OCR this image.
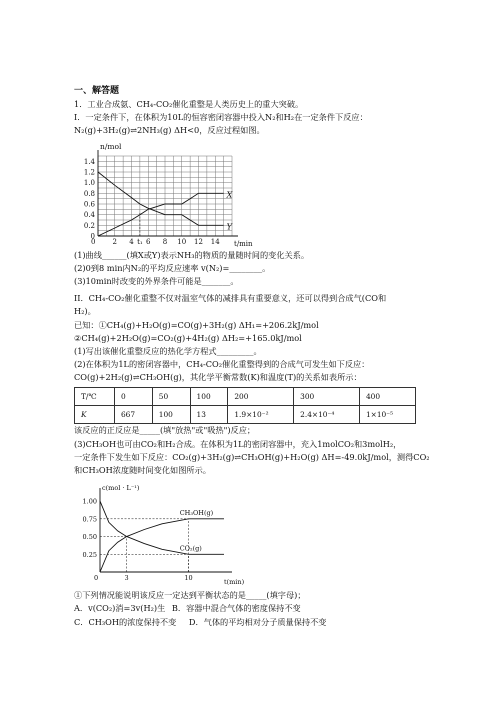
一、解答题
1．工业合成氨、CH₄-CO₂催化重整是人类历史上的重大突破。
I．一定条件下，在体积为10L的恒容密闭容器中投入N₂和H₂在一定条件下反应：
N₂(g)+3H₂(g)⇌2NH₃(g) ΔH<0，反应过程如图。
n/mol
t/min
0
0.2
0.4
0.6
0.8
1.0
1.2
1.4
2 4 t₁ 6 8 10 12 14
0
X
Y
(1)曲线______(填X或Y)表示NH₃的物质的量随时间的变化关系。
(2)0到8 min内N₂的平均反应速率 v(N₂)=________。
(3)10min时改变的外界条件可能是_______。
II．CH₄-CO₂催化重整不仅对温室气体的减排具有重要意义，还可以得到合成气(CO和
H₂)。
已知：①CH₄(g)+H₂O(g)=CO(g)+3H₂(g) ΔH₁=+206.2kJ/mol
②CH₄(g)+2H₂O(g)=CO₂(g)+4H₂(g) ΔH₂=+165.0kJ/mol
(1)写出该催化重整反应的热化学方程式_________。
(2)在体积为1L的密闭容器中，CH₄-CO₂催化重整得到的合成气可发生如下反应：
CO(g)+2H₂(g)⇌CH₃OH(g)，其化学平衡常数(K)和温度(T)的关系如表所示：
T/℃	0	50	100	200	300	400
K	667	100	13	1.9×10⁻²	2.4×10⁻⁴	1×10⁻⁵
该反应的正反应是_____(填"放热"或"吸热")反应；
(3)CH₃OH也可由CO₂和H₂合成。在体积为1L的密闭容器中，充入1molCO₂和3molH₂，
一定条件下发生如下反应：CO₂(g)+3H₂(g)⇌CH₃OH(g)+H₂O(g) ΔH=-49.0kJ/mol，测得CO₂
和CH₃OH浓度随时间变化如图所示。
c(mol · L⁻¹)
t(min)
0.25
0.50
0.75
1.00
3	10
0
CH₃OH(g)
CO₂(g)
①下列情况能说明该反应一定达到平衡状态的是_____(填字母)；
A．v(CO₂)消=3v(H₂)生 B．容器中混合气体的密度保持不变
C．CH₃OH的浓度保持不变 D．气体的平均相对分子质量保持不变
